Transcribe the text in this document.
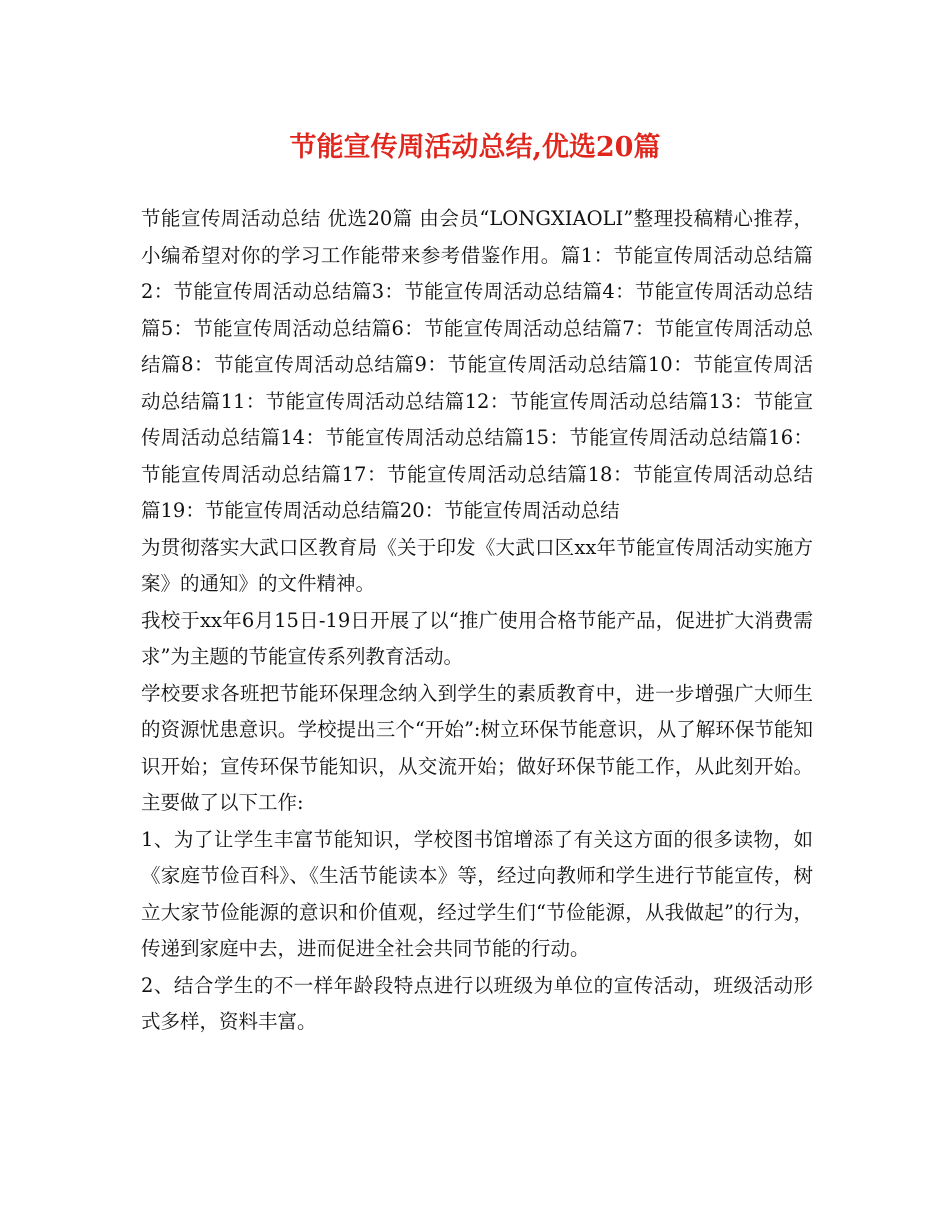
节能宣传周活动总结,优选20篇

节能宣传周活动总结 优选20篇 由会员“LONGXIAOLI”整理投稿精心推荐，小编希望对你的学习工作能带来参考借鉴作用。篇1：节能宣传周活动总结篇2：节能宣传周活动总结篇3：节能宣传周活动总结篇4：节能宣传周活动总结篇5：节能宣传周活动总结篇6：节能宣传周活动总结篇7：节能宣传周活动总结篇8：节能宣传周活动总结篇9：节能宣传周活动总结篇10：节能宣传周活动总结篇11：节能宣传周活动总结篇12：节能宣传周活动总结篇13：节能宣传周活动总结篇14：节能宣传周活动总结篇15：节能宣传周活动总结篇16：节能宣传周活动总结篇17：节能宣传周活动总结篇18：节能宣传周活动总结篇19：节能宣传周活动总结篇20：节能宣传周活动总结

为贯彻落实大武口区教育局《关于印发《大武口区xx年节能宣传周活动实施方案》的通知》的文件精神。

我校于xx年6月15日-19日开展了以“推广使用合格节能产品，促进扩大消费需求”为主题的节能宣传系列教育活动。

学校要求各班把节能环保理念纳入到学生的素质教育中，进一步增强广大师生的资源忧患意识。学校提出三个“开始”:树立环保节能意识，从了解环保节能知识开始；宣传环保节能知识，从交流开始；做好环保节能工作，从此刻开始。主要做了以下工作:

1、为了让学生丰富节能知识，学校图书馆增添了有关这方面的很多读物，如《家庭节俭百科》、《生活节能读本》等，经过向教师和学生进行节能宣传，树立大家节俭能源的意识和价值观，经过学生们“节俭能源，从我做起”的行为，传递到家庭中去，进而促进全社会共同节能的行动。

2、结合学生的不一样年龄段特点进行以班级为单位的宣传活动，班级活动形式多样，资料丰富。
